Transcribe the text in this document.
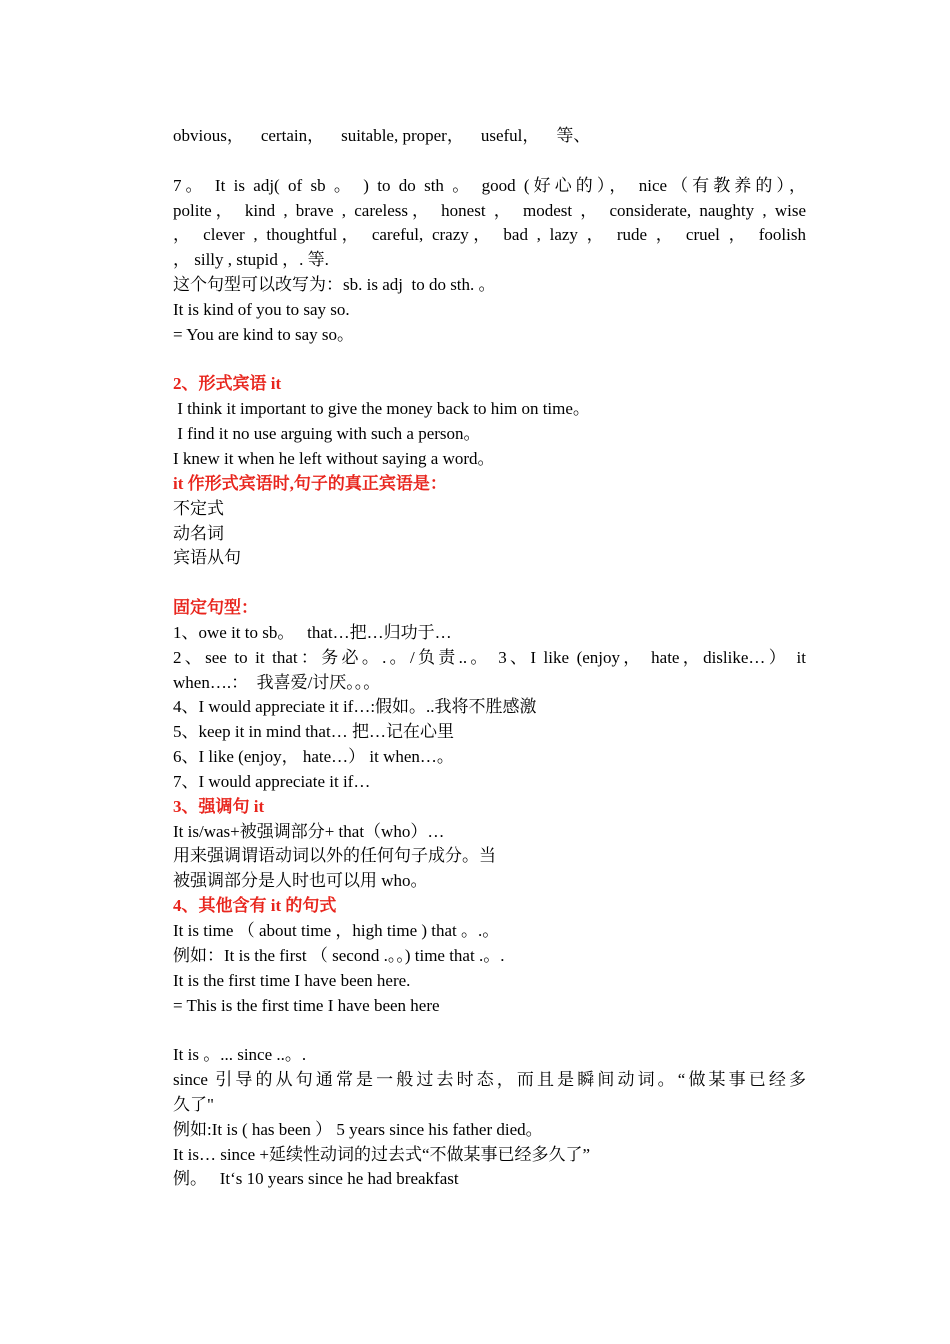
obvious，    certain，    suitable, proper，    useful，    等、
7。 It is adj( of sb 。 ) to do sth 。 good (好心的）， nice（有教养的），
polite， kind , brave , careless， honest ， modest ， considerate, naughty , wise
， clever , thoughtful， careful, crazy， bad , lazy ， rude ， cruel ， foolish
， silly , stupid ，. 等.
这个句型可以改写为：sb. is adj  to do sth. 。
It is kind of you to say so.
= You are kind to say so。
2、形式宾语 it
I think it important to give the money back to him on time。
I find it no use arguing with such a person。
I knew it when he left without saying a word。
it 作形式宾语时,句子的真正宾语是：
不定式
动名词
宾语从句
固定句型：
1、owe it to sb。   that…把…归功于…
2、see to it that：务必。.。/负责..。 3、I like (enjoy， hate，dislike…） it
when….：  我喜爱/讨厌。。。
4、I would appreciate it if…:假如。..我将不胜感激
5、keep it in mind that… 把…记在心里
6、I like (enjoy， hate…） it when…。
7、I would appreciate it if…
3、强调句 it
It is/was+被强调部分+ that（who）…
用来强调谓语动词以外的任何句子成分。当
被强调部分是人时也可以用 who。
4、其他含有 it 的句式
It is time （ about time ，high time ) that 。.。
例如：It is the first （ second .。。) time that .。.
It is the first time I have been here.
= This is the first time I have been here
It is 。... since ..。.
since 引导的从句通常是一般过去时态，而且是瞬间动词。“做某事已经多
久了"
例如:It is ( has been ） 5 years since his father died。
It is… since +延续性动词的过去式“不做某事已经多久了”
例。   It‘s 10 years since he had breakfast
